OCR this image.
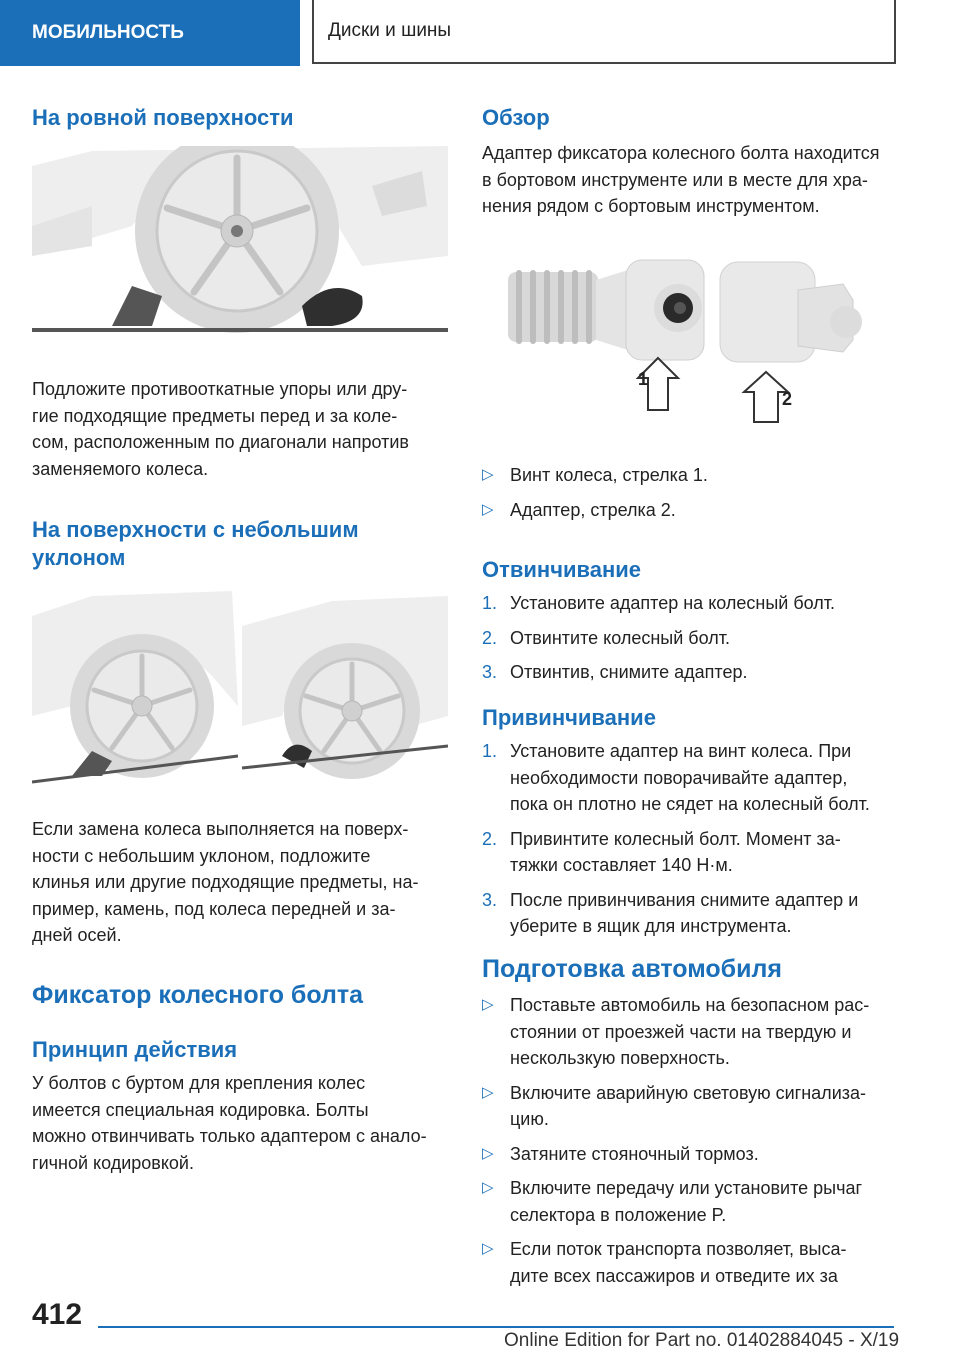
МОБИЛЬНОСТЬ	Диски и шины

На ровной поверхности

Подложите противооткатные упоры или дру-

гие подходящие предметы перед и за коле-

сом, расположенным по диагонали напротив

заменяемого колеса.

На поверхности с небольшим

уклоном

Если замена колеса выполняется на поверх-

ности с небольшим уклоном, подложите

клинья или другие подходящие предметы, на-

пример, камень, под колеса передней и за-

дней осей.

Фиксатор колесного болта

Принцип действия

У болтов с буртом для крепления колес

имеется специальная кодировка. Болты

можно отвинчивать только адаптером с анало-

гичной кодировкой.

Обзор

Адаптер фиксатора колесного болта находится

в бортовом инструменте или в месте для хра-

нения рядом с бортовым инструментом.

1
2
▷ Винт колеса, стрелка 1.
▷ Адаптер, стрелка 2.

Отвинчивание

1. Установите адаптер на колесный болт.
2. Отвинтите колесный болт.
3. Отвинтив, снимите адаптер.

Привинчивание

1. Установите адаптер на винт колеса. При
необходимости поворачивайте адаптер,
пока он плотно не сядет на колесный болт.
2. Привинтите колесный болт. Момент за-
тяжки составляет 140 Н·м.
3. После привинчивания снимите адаптер и
уберите в ящик для инструмента.

Подготовка автомобиля

▷ Поставьте автомобиль на безопасном рас-
стоянии от проезжей части на твердую и
нескользкую поверхность.
▷ Включите аварийную световую сигнализа-
цию.
▷ Затяните стояночный тормоз.
▷ Включите передачу или установите рычаг
селектора в положение P.
▷ Если поток транспорта позволяет, выса-
дите всех пассажиров и отведите их за
412
Online Edition for Part no. 01402884045 - X/19
